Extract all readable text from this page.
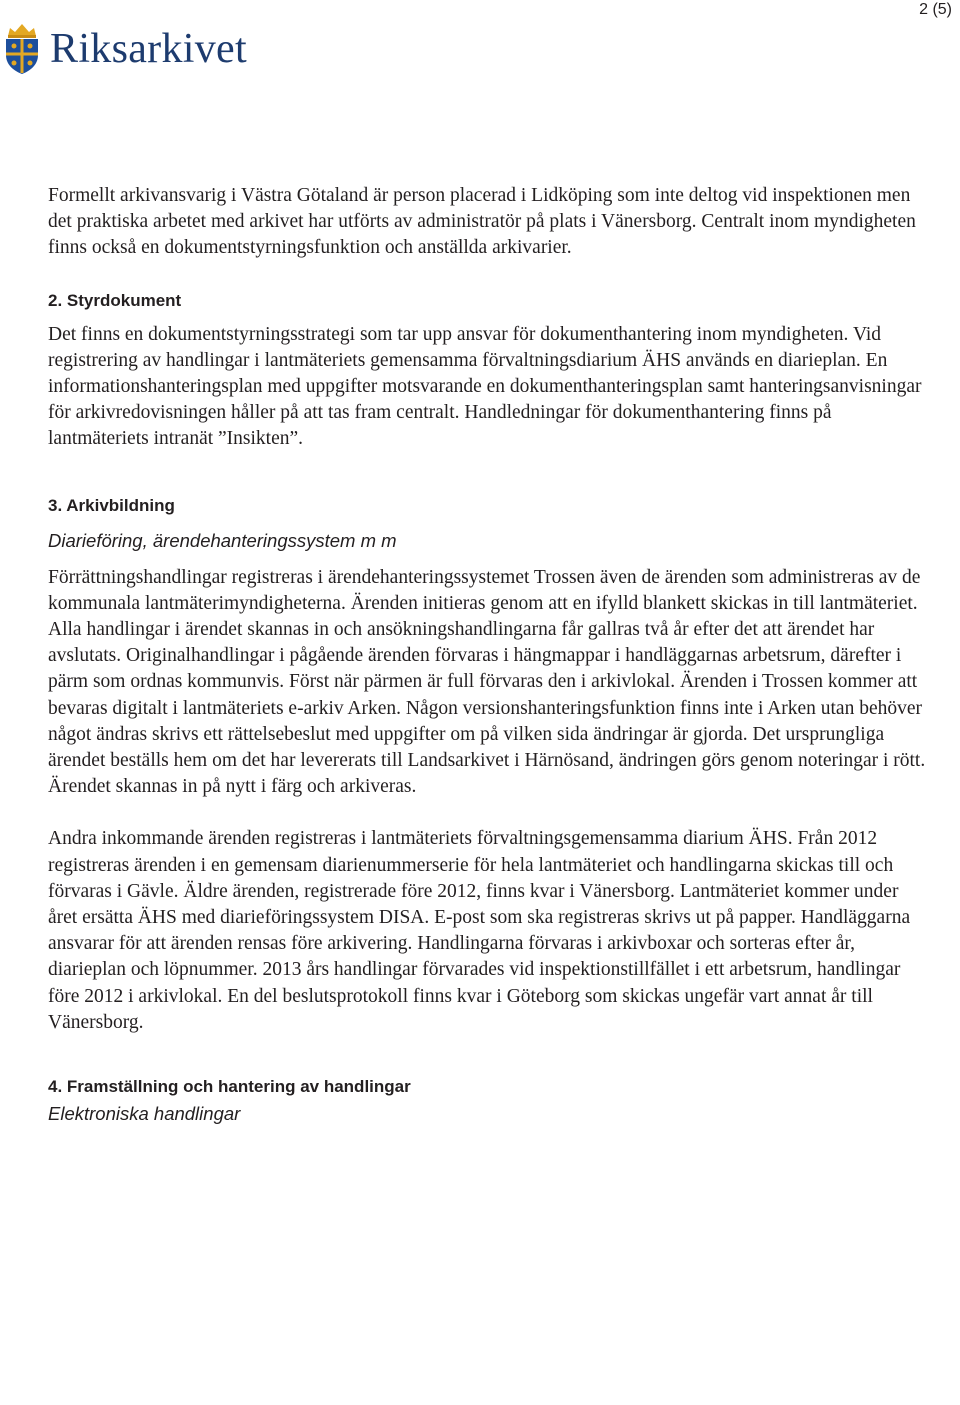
2 (5)
Riksarkivet

Formellt arkivansvarig i Västra Götaland är person placerad i Lidköping som inte deltog vid inspektionen men det praktiska arbetet med arkivet har utförts av administratör på plats i Vänersborg. Centralt inom myndigheten finns också en dokumentstyrningsfunktion och anställda arkivarier.

2. Styrdokument

Det finns en dokumentstyrningsstrategi som tar upp ansvar för dokumenthantering inom myndigheten. Vid registrering av handlingar i lantmäteriets gemensamma förvaltningsdiarium ÄHS används en diarieplan. En informationshanteringsplan med uppgifter motsvarande en dokumenthanteringsplan samt hanteringsanvisningar för arkivredovisningen håller på att tas fram centralt. Handledningar för dokumenthantering finns på lantmäteriets intranät ”Insikten”.

3. Arkivbildning
Diarieföring, ärendehanteringssystem m m

Förrättningshandlingar registreras i ärendehanteringssystemet Trossen även de ärenden som administreras av de kommunala lantmäterimyndigheterna. Ärenden initieras genom att en ifylld blankett skickas in till lantmäteriet. Alla handlingar i ärendet skannas in och ansökningshandlingarna får gallras två år efter det att ärendet har avslutats. Originalhandlingar i pågående ärenden förvaras i hängmappar i handläggarnas arbetsrum, därefter i pärm som ordnas kommunvis. Först när pärmen är full förvaras den i arkivlokal. Ärenden i Trossen kommer att bevaras digitalt i lantmäteriets e-arkiv Arken. Någon versionshanteringsfunktion finns inte i Arken utan behöver något ändras skrivs ett rättelsebeslut med uppgifter om på vilken sida ändringar är gjorda. Det ursprungliga ärendet beställs hem om det har levererats till Landsarkivet i Härnösand, ändringen görs genom noteringar i rött. Ärendet skannas in på nytt i färg och arkiveras.

Andra inkommande ärenden registreras i lantmäteriets förvaltningsgemensamma diarium ÄHS. Från 2012 registreras ärenden i en gemensam diarienummerserie för hela lantmäteriet och handlingarna skickas till och förvaras i Gävle. Äldre ärenden, registrerade före 2012, finns kvar i Vänersborg. Lantmäteriet kommer under året ersätta ÄHS med diarieföringssystem DISA. E-post som ska registreras skrivs ut på papper. Handläggarna ansvarar för att ärenden rensas före arkivering. Handlingarna förvaras i arkivboxar och sorteras efter år, diarieplan och löpnummer. 2013 års handlingar förvarades vid inspektionstillfället i ett arbetsrum, handlingar före 2012 i arkivlokal. En del beslutsprotokoll finns kvar i Göteborg som skickas ungefär vart annat år till Vänersborg.

4. Framställning och hantering av handlingar
Elektroniska handlingar
